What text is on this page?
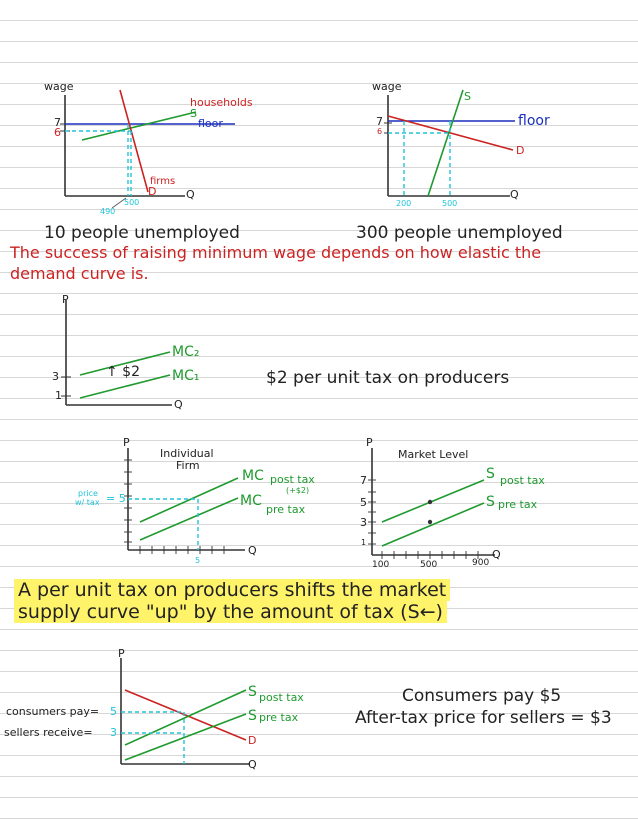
wage
7
6
households
S
floor
firms
D	Q
500
490
wage
S
7
6
floor
D
Q
200	500
10 people unemployed	300 people unemployed
The success of raising minimum wage depends on how elastic the
demand curve is.
P
3
1
MC₂
MC₁
↑ $2
Q
$2 per unit tax on producers
P
Individual
Firm
MC post tax
(+$2)
MC
pre tax
price
w/ tax = 5
5
Q
P
Market Level
7
5
3
1
S post tax
S pre tax
100	500	900
Q
A per unit tax on producers shifts the market
supply curve "up" by the amount of tax (S←)
P
consumers pay= 5
sellers receive= 3
S post tax
S pre tax
D
Q
Consumers pay $5
After-tax price for sellers = $3
